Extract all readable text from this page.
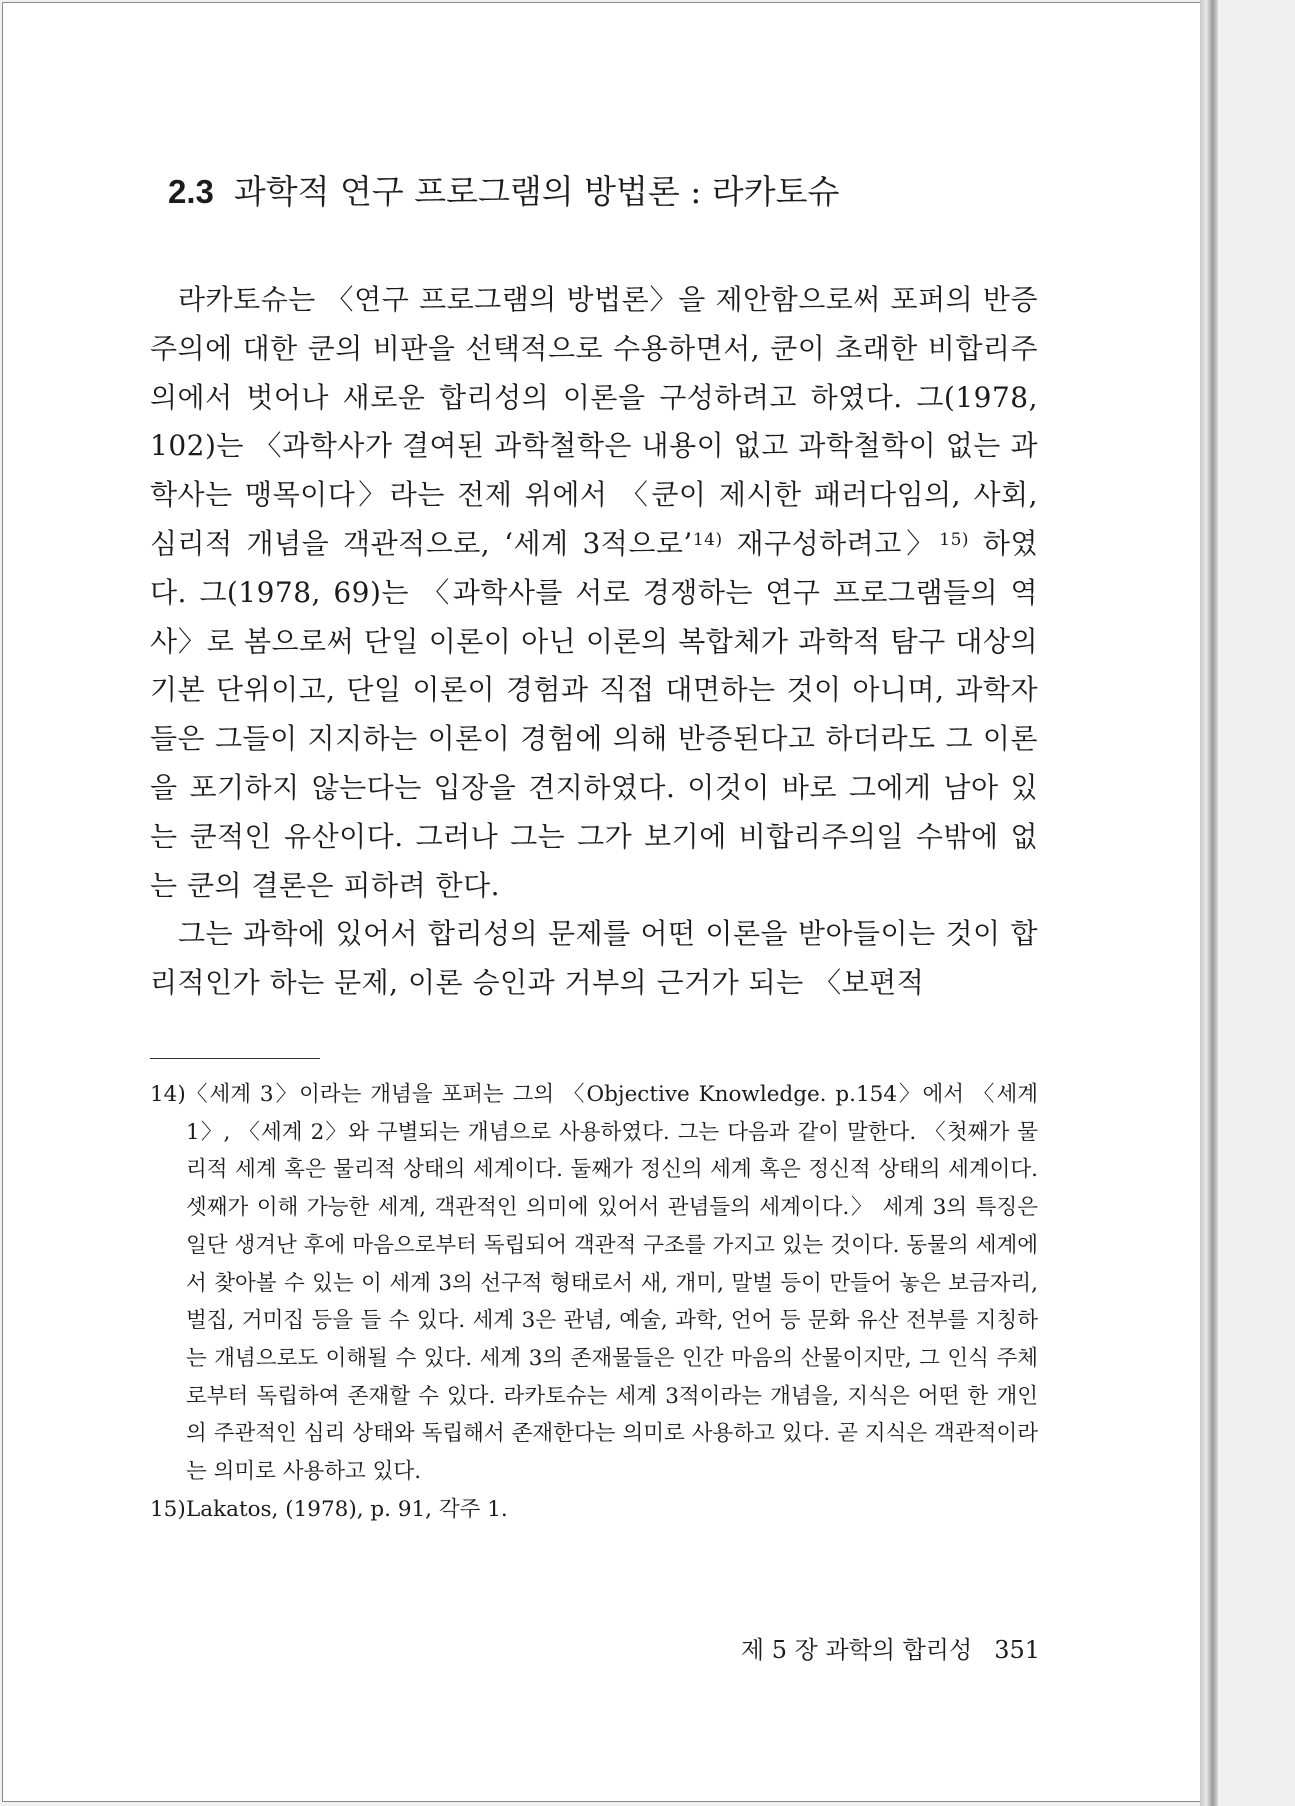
2.3 과학적 연구 프로그램의 방법론 : 라카토슈

라카토슈는 〈연구 프로그램의 방법론〉을 제안함으로써 포퍼의 반증주의에 대한 쿤의 비판을 선택적으로 수용하면서, 쿤이 초래한 비합리주의에서 벗어나 새로운 합리성의 이론을 구성하려고 하였다. 그(1978, 102)는 〈과학사가 결여된 과학철학은 내용이 없고 과학철학이 없는 과학사는 맹목이다〉라는 전제 위에서 〈쿤이 제시한 패러다임의, 사회, 심리적 개념을 객관적으로, ‘세계 3적으로’$^{14)}$ 재구성하려고〉$^{15)}$ 하였다. 그(1978, 69)는 〈과학사를 서로 경쟁하는 연구 프로그램들의 역사〉로 봄으로써 단일 이론이 아닌 이론의 복합체가 과학적 탐구 대상의 기본 단위이고, 단일 이론이 경험과 직접 대면하는 것이 아니며, 과학자들은 그들이 지지하는 이론이 경험에 의해 반증된다고 하더라도 그 이론을 포기하지 않는다는 입장을 견지하였다. 이것이 바로 그에게 남아 있는 쿤적인 유산이다. 그러나 그는 그가 보기에 비합리주의일 수밖에 없는 쿤의 결론은 피하려 한다.

그는 과학에 있어서 합리성의 문제를 어떤 이론을 받아들이는 것이 합리적인가 하는 문제, 이론 승인과 거부의 근거가 되는 〈보편적

14) 〈세계 3〉이라는 개념을 포퍼는 그의 〈Objective Knowledge. p.154〉에서 〈세계 1〉, 〈세계 2〉와 구별되는 개념으로 사용하였다. 그는 다음과 같이 말한다. 〈첫째가 물리적 세계 혹은 물리적 상태의 세계이다. 둘째가 정신의 세계 혹은 정신적 상태의 세계이다. 셋째가 이해 가능한 세계, 객관적인 의미에 있어서 관념들의 세계이다.〉 세계 3의 특징은 일단 생겨난 후에 마음으로부터 독립되어 객관적 구조를 가지고 있는 것이다. 동물의 세계에서 찾아볼 수 있는 이 세계 3의 선구적 형태로서 새, 개미, 말벌 등이 만들어 놓은 보금자리, 벌집, 거미집 등을 들 수 있다. 세계 3은 관념, 예술, 과학, 언어 등 문화 유산 전부를 지칭하는 개념으로도 이해될 수 있다. 세계 3의 존재물들은 인간 마음의 산물이지만, 그 인식 주체로부터 독립하여 존재할 수 있다. 라카토슈는 세계 3적이라는 개념을, 지식은 어떤 한 개인의 주관적인 심리 상태와 독립해서 존재한다는 의미로 사용하고 있다. 곧 지식은 객관적이라는 의미로 사용하고 있다.
15) Lakatos, (1978), p. 91, 각주 1.
제 5 장 과학의 합리성 351
